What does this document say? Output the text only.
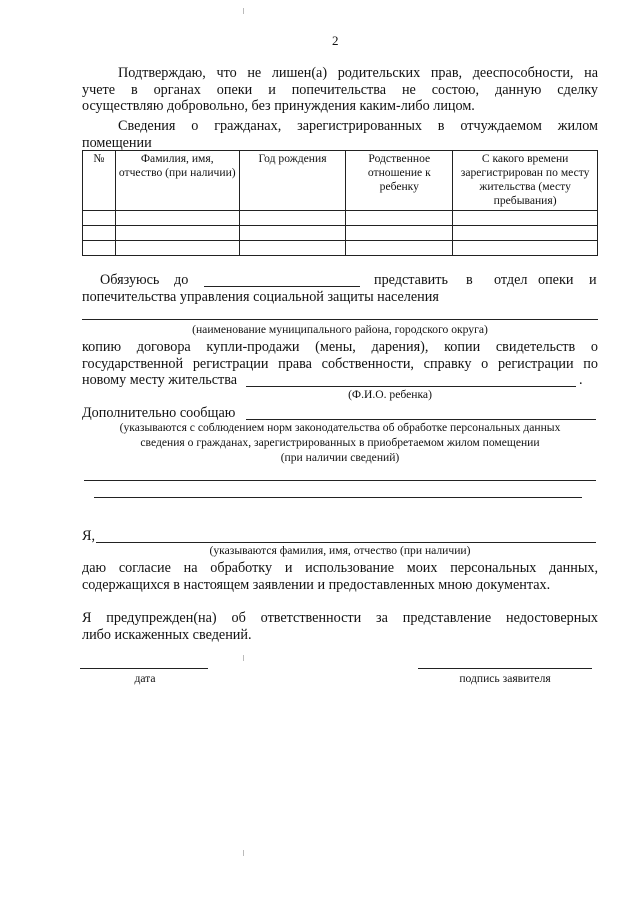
2
Подтверждаю, что не лишен(а) родительских прав, дееспособности, на
учете в органах опеки и попечительства не состою, данную сделку
осуществляю добровольно, без принуждения каким-либо лицом.
Сведения о гражданах, зарегистрированных в отчуждаемом жилом
помещении
№	Фамилия, имя, отчество (при наличии)	Год рождения	Родственное отношение к ребенку	С какого времени зарегистрирован по месту жительства (месту пребывания)

Обязуюсь до	представить в отдел опеки и
попечительства управления социальной защиты населения
(наименование муниципального района, городского округа)
копию договора купли-продажи (мены, дарения), копии свидетельств о
государственной регистрации права собственности, справку о регистрации по
новому месту жительства	.
(Ф.И.О. ребенка)
Дополнительно сообщаю
(указываются с соблюдением норм законодательства об обработке персональных данных
сведения о гражданах, зарегистрированных в приобретаемом жилом помещении
(при наличии сведений)
Я,
(указываются фамилия, имя, отчество (при наличии)
даю согласие на обработку и использование моих персональных данных,
содержащихся в настоящем заявлении и предоставленных мною документах.
Я предупрежден(на) об ответственности за представление недостоверных
либо искаженных сведений.
дата	подпись заявителя
